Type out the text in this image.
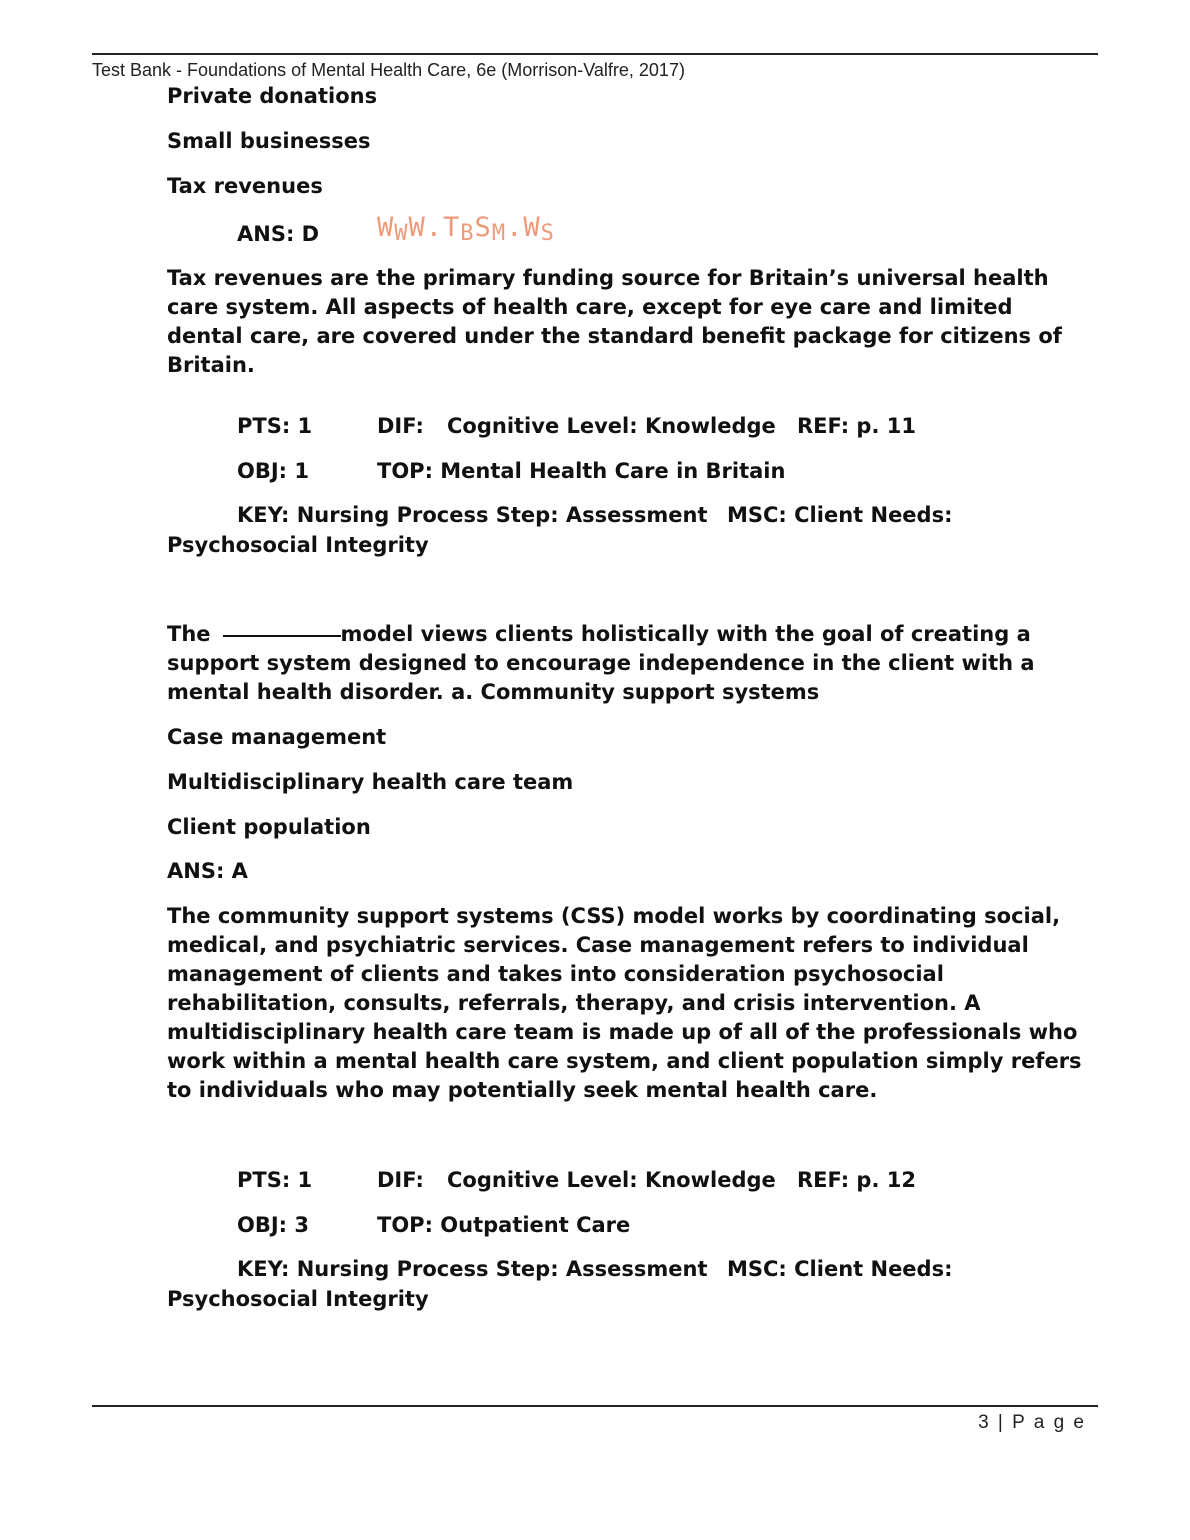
Test Bank - Foundations of Mental Health Care, 6e (Morrison-Valfre, 2017)
Private donations
Small businesses
Tax revenues
ANS: D WWW.TBSM.WS
Tax revenues are the primary funding source for Britain’s universal health care system. All aspects of health care, except for eye care and limited dental care, are covered under the standard benefit package for citizens of Britain.
PTS: 1	DIF: Cognitive Level: Knowledge REF: p. 11
OBJ: 1	TOP: Mental Health Care in Britain
KEY: Nursing Process Step: Assessment MSC: Client Needs:
Psychosocial Integrity
The	model views clients holistically with the goal of creating a support system designed to encourage independence in the client with a mental health disorder. a. Community support systems
Case management
Multidisciplinary health care team
Client population
ANS: A
The community support systems (CSS) model works by coordinating social, medical, and psychiatric services. Case management refers to individual management of clients and takes into consideration psychosocial rehabilitation, consults, referrals, therapy, and crisis intervention. A multidisciplinary health care team is made up of all of the professionals who work within a mental health care system, and client population simply refers to individuals who may potentially seek mental health care.
PTS: 1	DIF: Cognitive Level: Knowledge REF: p. 12
OBJ: 3	TOP: Outpatient Care
KEY: Nursing Process Step: Assessment MSC: Client Needs:
Psychosocial Integrity
3 | P a g e
